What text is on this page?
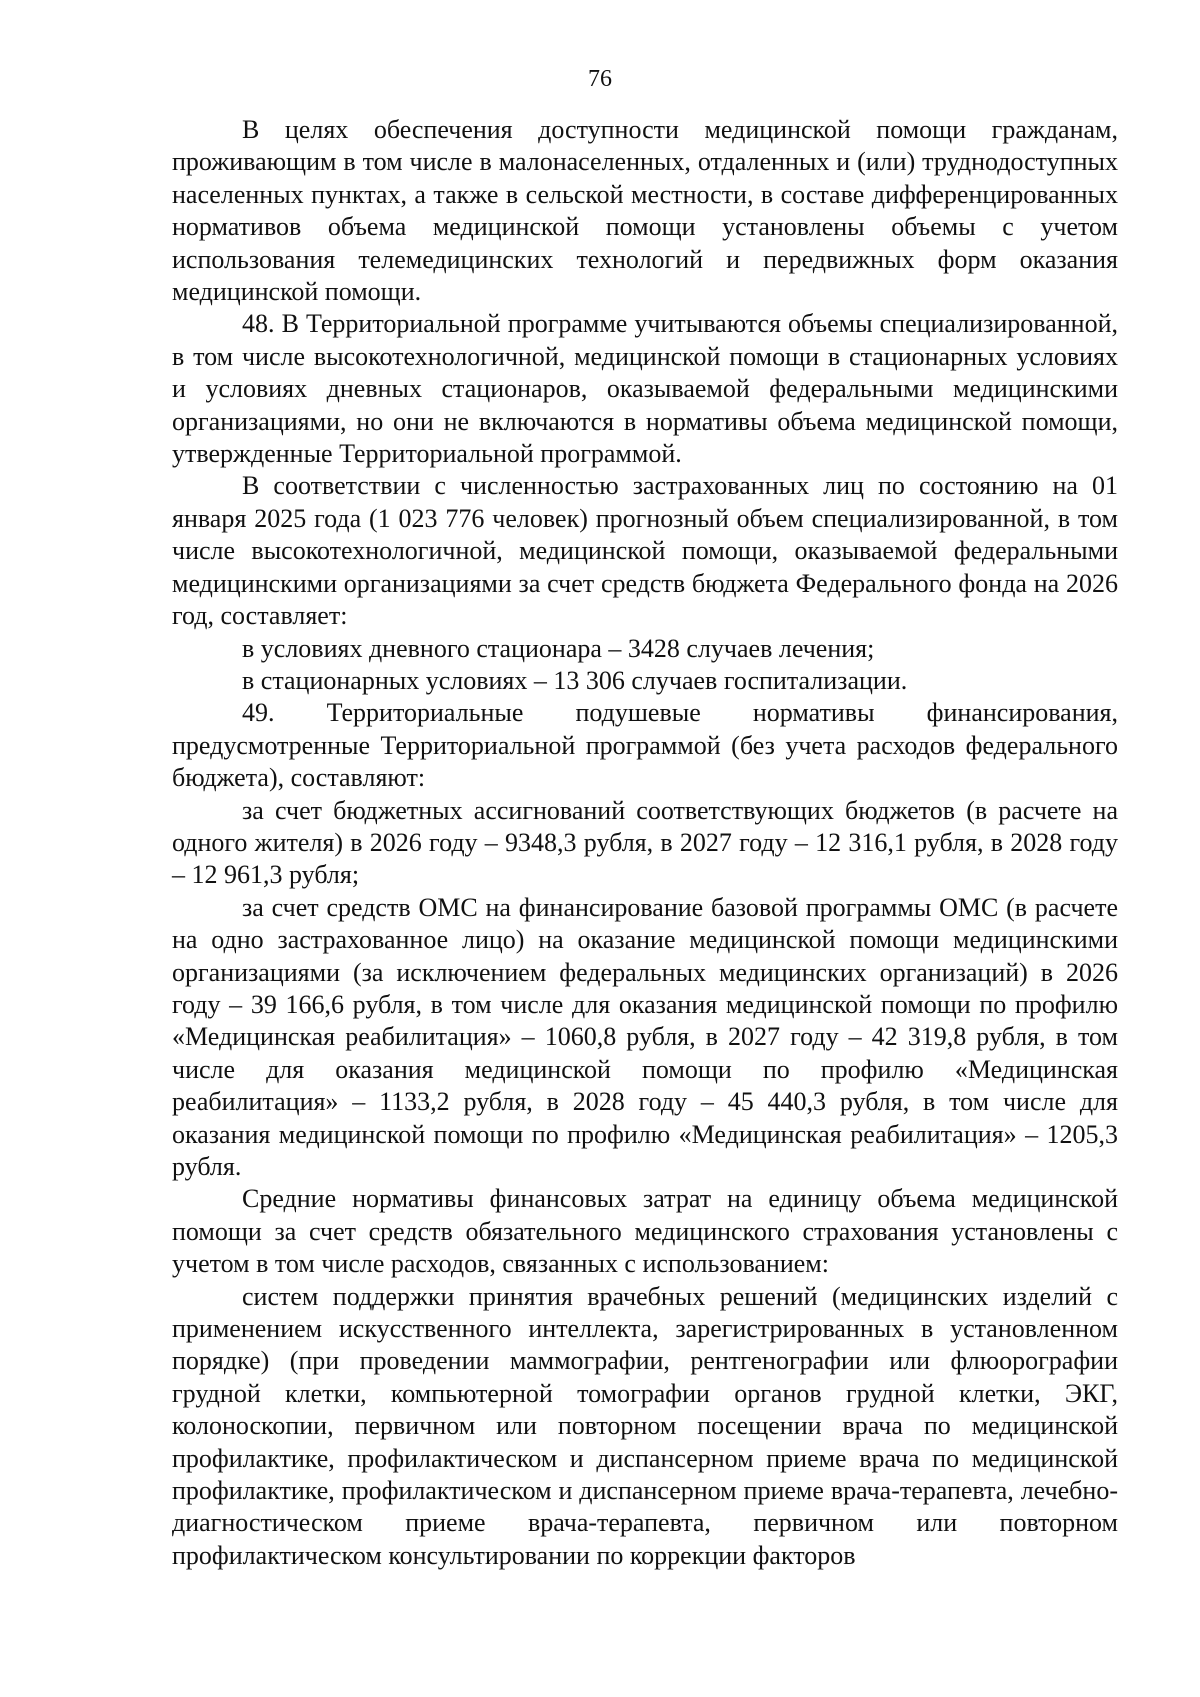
76

В целях обеспечения доступности медицинской помощи гражданам, проживающим в том числе в малонаселенных, отдаленных и (или) труднодоступных населенных пунктах, а также в сельской местности, в составе дифференцированных нормативов объема медицинской помощи установлены объемы с учетом использования телемедицинских технологий и передвижных форм оказания медицинской помощи.

48. В Территориальной программе учитываются объемы специализированной, в том числе высокотехнологичной, медицинской помощи в стационарных условиях и условиях дневных стационаров, оказываемой федеральными медицинскими организациями, но они не включаются в нормативы объема медицинской помощи, утвержденные Территориальной программой.

В соответствии с численностью застрахованных лиц по состоянию на 01 января 2025 года (1 023 776 человек) прогнозный объем специализированной, в том числе высокотехнологичной, медицинской помощи, оказываемой федеральными медицинскими организациями за счет средств бюджета Федерального фонда на 2026 год, составляет:

в условиях дневного стационара – 3428 случаев лечения;

в стационарных условиях – 13 306 случаев госпитализации.

49. Территориальные подушевые нормативы финансирования, предусмотренные Территориальной программой (без учета расходов федерального бюджета), составляют:

за счет бюджетных ассигнований соответствующих бюджетов (в расчете на одного жителя) в 2026 году – 9348,3 рубля, в 2027 году – 12 316,1 рубля, в 2028 году – 12 961,3 рубля;

за счет средств ОМС на финансирование базовой программы ОМС (в расчете на одно застрахованное лицо) на оказание медицинской помощи медицинскими организациями (за исключением федеральных медицинских организаций) в 2026 году – 39 166,6 рубля, в том числе для оказания медицинской помощи по профилю «Медицинская реабилитация» – 1060,8 рубля, в 2027 году – 42 319,8 рубля, в том числе для оказания медицинской помощи по профилю «Медицинская реабилитация» – 1133,2 рубля, в 2028 году – 45 440,3 рубля, в том числе для оказания медицинской помощи по профилю «Медицинская реабилитация» – 1205,3 рубля.

Средние нормативы финансовых затрат на единицу объема медицинской помощи за счет средств обязательного медицинского страхования установлены с учетом в том числе расходов, связанных с использованием:

систем поддержки принятия врачебных решений (медицинских изделий с применением искусственного интеллекта, зарегистрированных в установленном порядке) (при проведении маммографии, рентгенографии или флюорографии грудной клетки, компьютерной томографии органов грудной клетки, ЭКГ, колоноскопии, первичном или повторном посещении врача по медицинской профилактике, профилактическом и диспансерном приеме врача по медицинской профилактике, профилактическом и диспансерном приеме врача-терапевта, лечебно-диагностическом приеме врача-терапевта, первичном или повторном профилактическом консультировании по коррекции факторов
